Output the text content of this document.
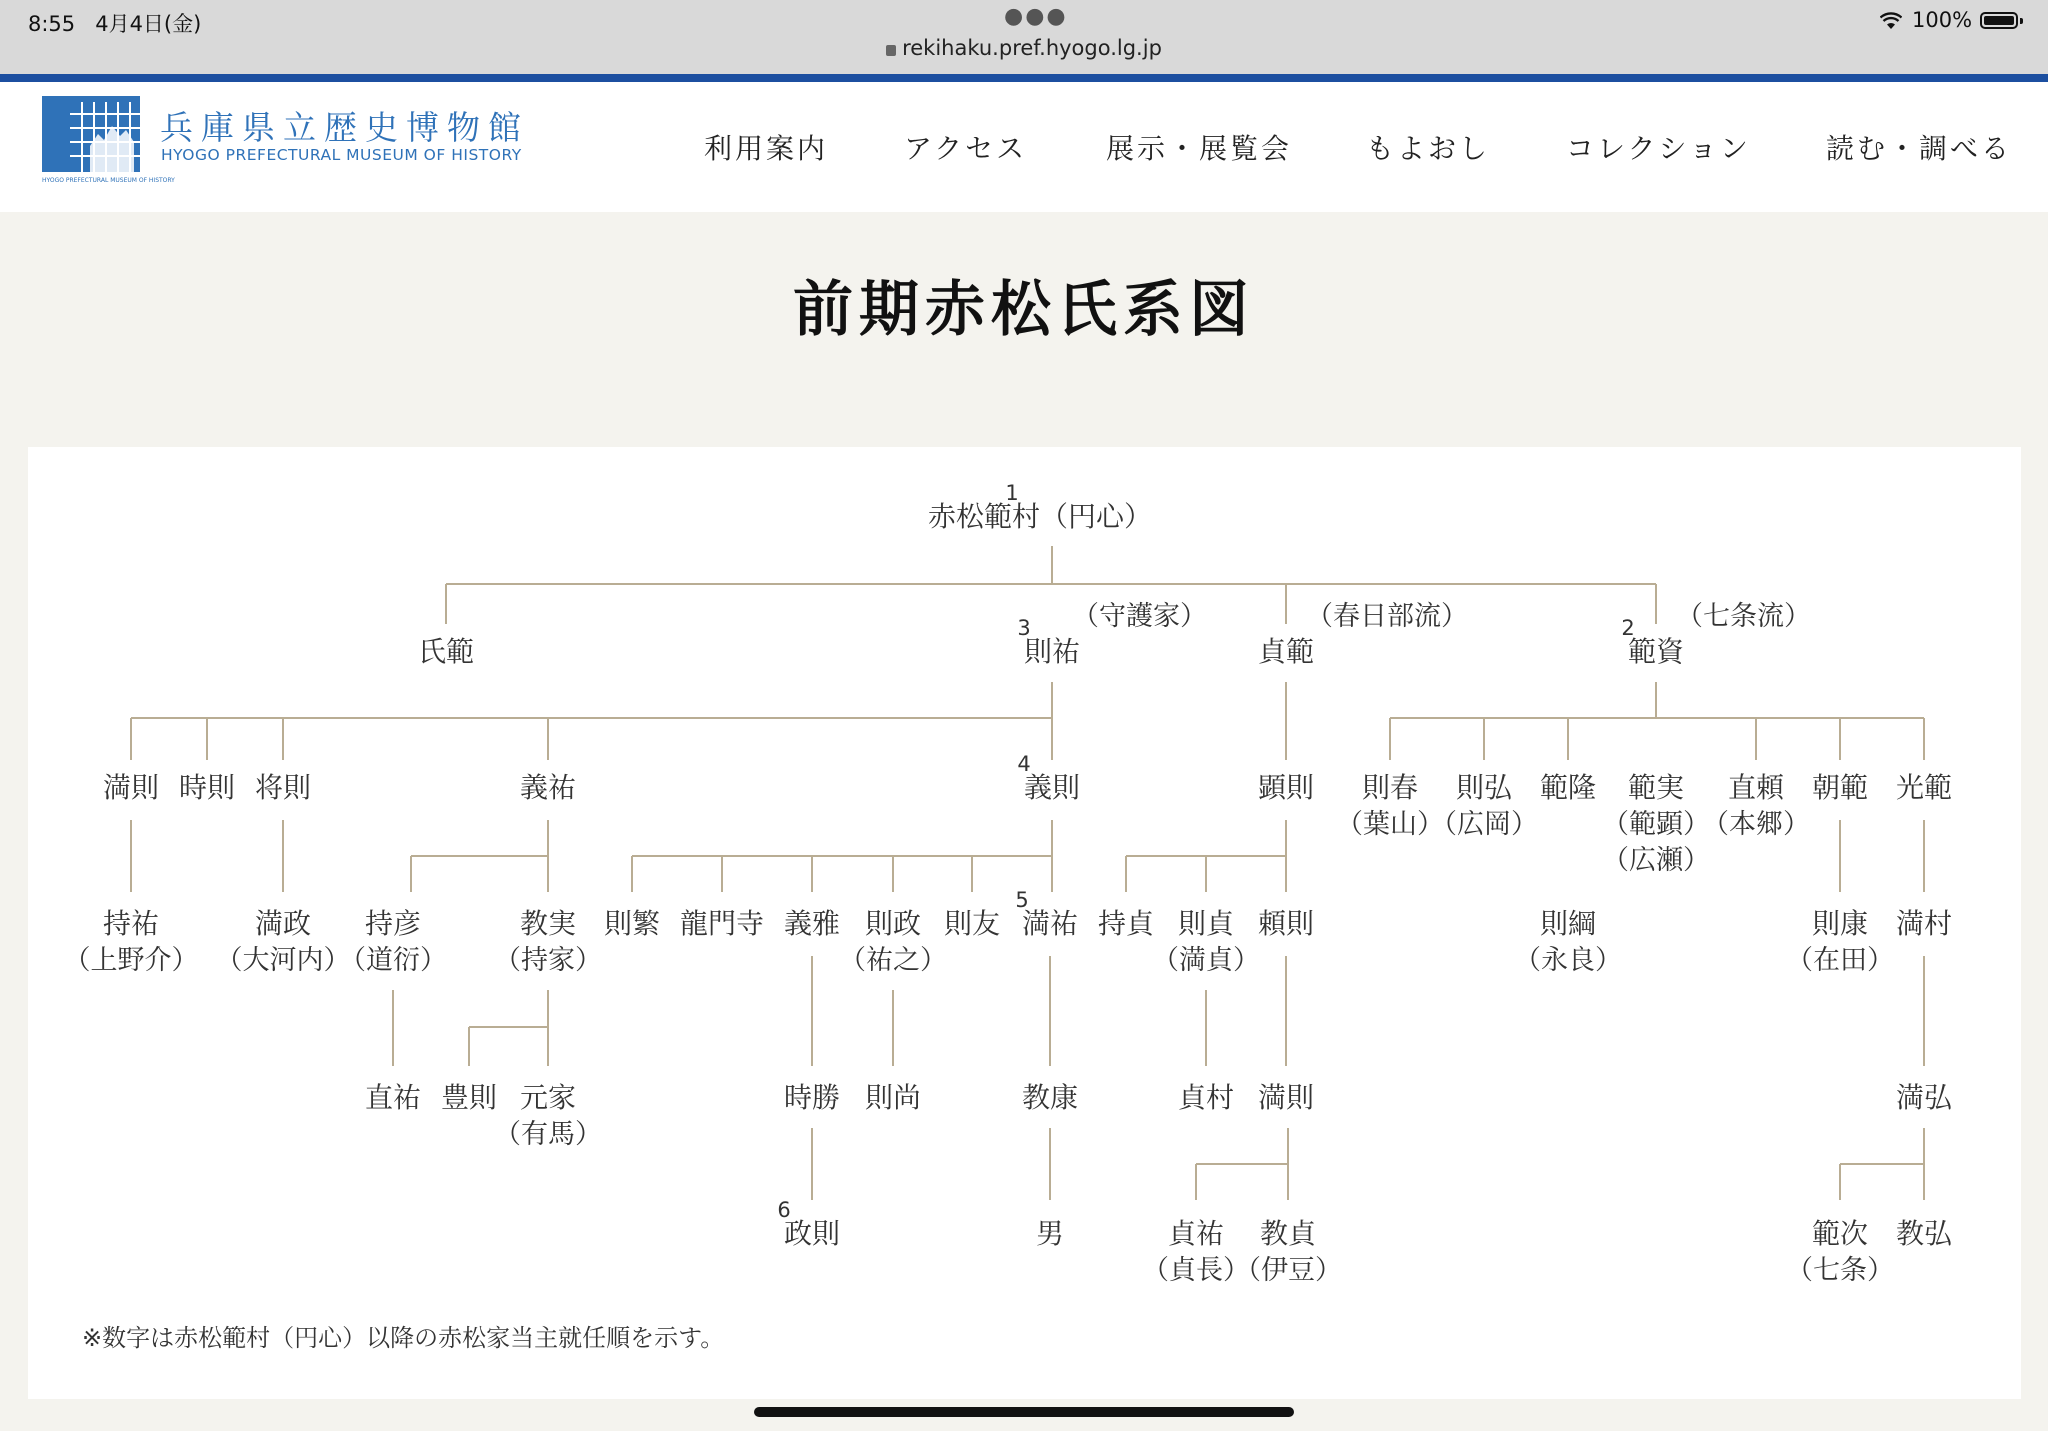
8:55 4月4日(金)	●●●
rekihaku.pref.hyogo.lg.jp
100%
兵庫県立歴史博物館
HYOGO PREFECTURAL MUSEUM OF HISTORY
HYOGO PREFECTURAL MUSEUM OF HISTORY
利用案内	アクセス	展示・展覧会	もよおし	コレクション	読む・調べる
前期赤松氏系図
赤松範村（円心）
1
氏範	則祐
3 （守護家）
貞範
（春日部流）
範資
2 （七条流）
満則 時則 将則	義祐	義則
4
顕則 則春
（葉山）
則弘
（広岡）
範隆 範実
（範顕）
（広瀬）
直頼
（本郷）
朝範 光範
持祐
（上野介）
満政
（大河内）
持彦
（道衍）
教実
（持家）
則繁 龍門寺 義雅 則政
（祐之）
則友 満祐
5
持貞 則貞
（満貞）
頼則	則綱
（永良）
則康
（在田）
満村
直祐 豊則 元家
（有馬）
時勝 則尚	教康	貞村 満則	満弘
政則
6
男	貞祐
（貞長）
教貞
（伊豆）
範次
（七条）
教弘
※数字は赤松範村（円心）以降の赤松家当主就任順を示す。
